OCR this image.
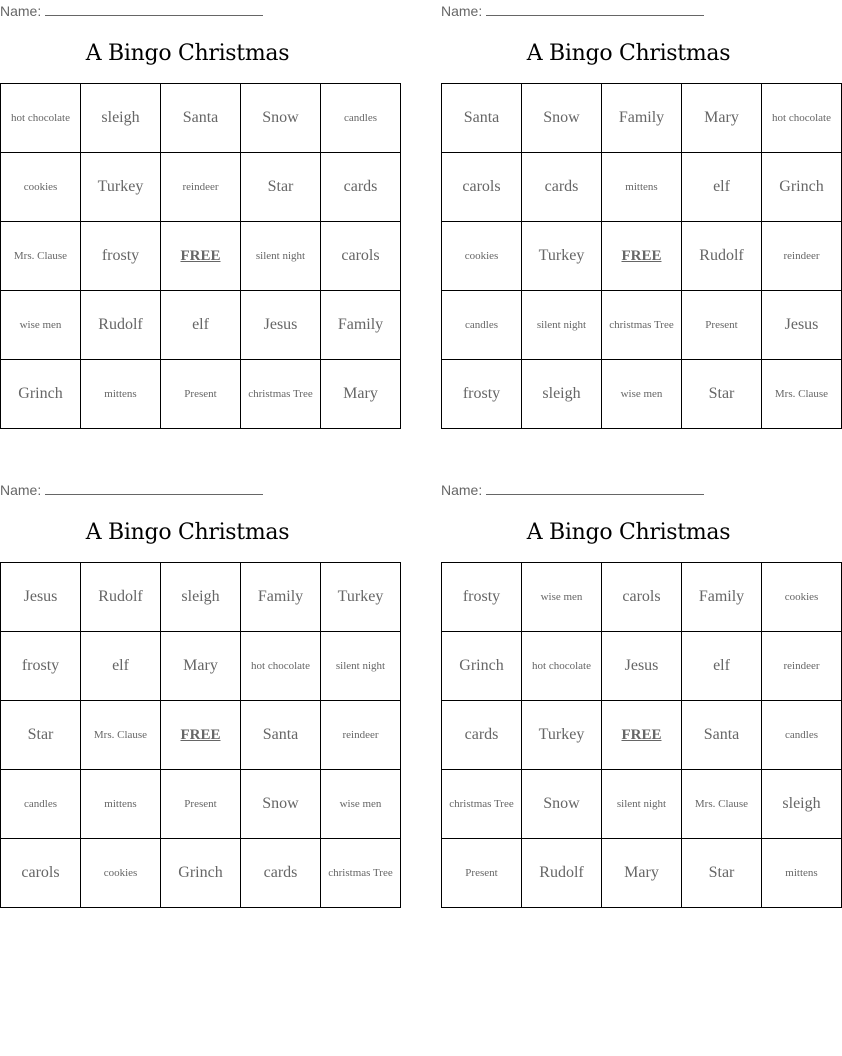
Name:
A Bingo Christmas
hot chocolate	sleigh	Santa	Snow	candles
cookies	Turkey	reindeer	Star	cards
Mrs. Clause	frosty	FREE	silent night	carols
wise men	Rudolf	elf	Jesus	Family
Grinch	mittens	Present	christmas Tree	Mary
Name:
A Bingo Christmas
Santa	Snow	Family	Mary	hot chocolate
carols	cards	mittens	elf	Grinch
cookies	Turkey	FREE	Rudolf	reindeer
candles	silent night	christmas Tree	Present	Jesus
frosty	sleigh	wise men	Star	Mrs. Clause
Name:
A Bingo Christmas
Jesus	Rudolf	sleigh	Family	Turkey
frosty	elf	Mary	hot chocolate	silent night
Star	Mrs. Clause	FREE	Santa	reindeer
candles	mittens	Present	Snow	wise men
carols	cookies	Grinch	cards	christmas Tree
Name:
A Bingo Christmas
frosty	wise men	carols	Family	cookies
Grinch	hot chocolate	Jesus	elf	reindeer
cards	Turkey	FREE	Santa	candles
christmas Tree	Snow	silent night	Mrs. Clause	sleigh
Present	Rudolf	Mary	Star	mittens
